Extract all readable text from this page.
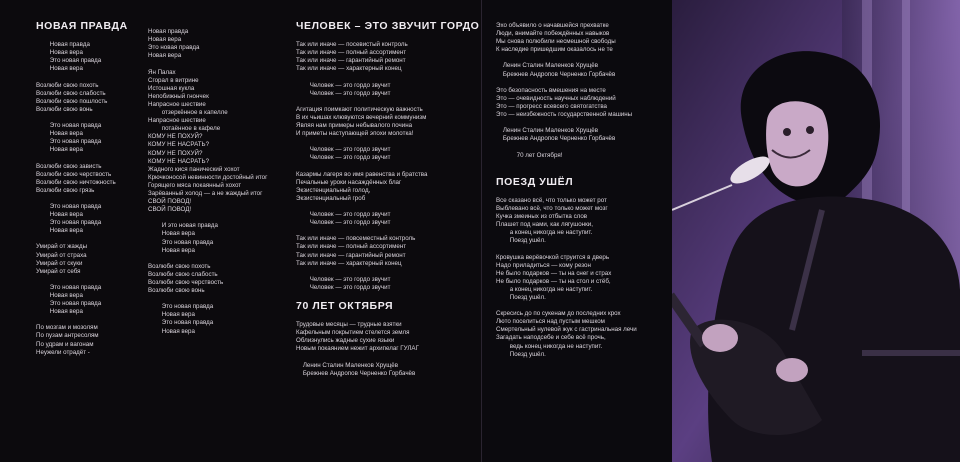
НОВАЯ ПРАВДА
Новая правда
Новая вера
Это новая правда
Новая вера
Возлюби свою похоть
Возлюби свою слабость
Возлюби свою пошлость
Возлюби свою вонь
Это новая правда
Новая вера
Это новая правда
Новая вера
Возлюби свою зависть
Возлюби свою черствость
Возлюби свою ничтожность
Возлюби свою грязь
Это новая правда
Новая вера
Это новая правда
Новая вера
Умирай от жажды
Умирай от страха
Умирай от скуки
Умирай от себя
Это новая правда
Новая вера
Это новая правда
Новая вера
По мозгам и мозолям
По пузам антресолям
По удрам и вагонам
Неужели отрадёт -
Новая правда
Новая вера
Это новая правда
Новая вера
Ян Палах
Сгорал в витрине
Истошная кукла
Непобижный гнончек
Напрасное шествие
отзеркённое в капелле
Напрасное шествие
потаённое в кафеле
КОМУ НЕ ПОХУЙ?
КОМУ НЕ НАСРАТЬ?
КОМУ НЕ ПОХУЙ?
КОМУ НЕ НАСРАТЬ?
Жадного кися панический хохот
Крючконосой невинности достойный итог
Горящего мяса покаянный хохот
Зарёванный холод — а не жаждый итог
СВОЙ ПОВОД!
СВОЙ ПОВОД!
И это новая правда
Новая вера
Это новая правда
Новая вера
Возлюби свою похоть
Возлюби свою слабость
Возлюби свою черствость
Возлюби свою вонь
Это новая правда
Новая вера
Это новая правда
Новая вера
ЧЕЛОВЕК – ЭТО ЗВУЧИТ ГОРДО
Так или иначе — посевистый контроль
Так или иначе — полный ассортимент
Так или иначе — гарантийный ремонт
Так или иначе — характерный конец
Человек — это гордо звучит
Человек — это гордо звучит
Агитация поимкают политическую важность
В их чьишах клювуются вечерний коммунизм
Являя нам примеры небывалого почина
И приметы наступающей эпохи молотка!
Человек — это гордо звучит
Человек — это гордо звучит
Казармы лагеря во имя равенства и братства
Печальные уроки насаждённых благ
Экзистенциальный голод,
Экзистенциальный гроб
Человек — это гордо звучит
Человек — это гордо звучит
Так или иначе — повсеместный контроль
Так или иначе — полный ассортимент
Так или иначе — гарантийный ремонт
Так или иначе — характерный конец
Человек — это гордо звучит
Человек — это гордо звучит
70 ЛЕТ ОКТЯБРЯ
Трудовые месяцы — трудные взятки
Кафельным покрытием стелется земля
Облизнулись жадные сухие языки
Новым покаянием нежит архипелаг ГУЛАГ
Ленин Сталин Маленков Хрущёв
Брежнев Андропов Черненко Горбачёв
Эхо объявило о начавшейся прехватке
Люди, внимайте побеждённых навыков
Мы снова полюбили несмешной свободы
К наследие пришедшим оказалось не те
Ленин Сталин Маленков Хрущёв
Брежнев Андропов Черненко Горбачёв
Это безопасность вмешения на месте
Это — очевидность научных наблюдений
Это — прогресс всевсего святогатства
Это — неизбежность государственной машины
Ленин Сталин Маленков Хрущёв
Брежнев Андропов Черненко Горбачёв
70 лет Октября!
ПОЕЗД УШЁЛ
Все сказано всё, что только может рот
Выблевано всё, что только может мозг
Кучка змеиных из отбытка слов
Плашет под нами, как лягушонки,
а конец никогда не наступит.
Поезд ушёл.
Кровушка верёвочкой струится в дверь
Надо приладиться — кому резон
Не было подарков — ты на снег и страх
Не было подарков — ты на стол и стёб,
а конец никогда не наступит.
Поезд ушёл.
Скресись до по сукенам до последних крох
Люто поселиться над пустым мешком
Смертельный нулевой жук с гастринальная лечи
Загадать наподсебе и себе всё прочь,
ведь конец никогда не наступит.
Поезд ушёл.
